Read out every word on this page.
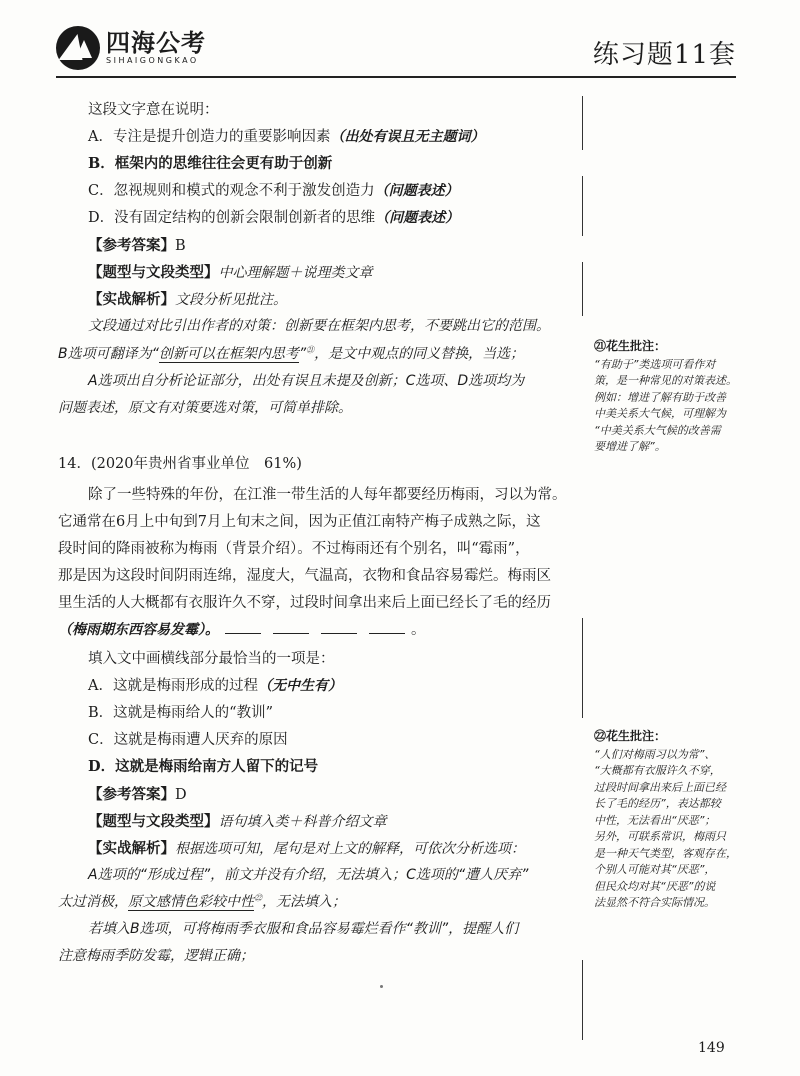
四海公考
SIHAIGONGKAO	练习题11套
这段文字意在说明：
A．专注是提升创造力的重要影响因素（出处有误且无主题词）
B．框架内的思维往往会更有助于创新
C．忽视规则和模式的观念不利于激发创造力（问题表述）
D．没有固定结构的创新会限制创新者的思维（问题表述）
【参考答案】B
【题型与文段类型】中心理解题＋说理类文章
【实战解析】文段分析见批注。
文段通过对比引出作者的对策：创新要在框架内思考，不要跳出它的范围。
B选项可翻译为“创新可以在框架内思考”$^㉑$，是文中观点的同义替换，当选；
A选项出自分析论证部分，出处有误且未提及创新；C选项、D选项均为
问题表述，原文有对策要选对策，可简单排除。
14．(2020年贵州省事业单位　61%)
除了一些特殊的年份，在江淮一带生活的人每年都要经历梅雨，习以为常。
它通常在6月上中旬到7月上旬末之间，因为正值江南特产梅子成熟之际，这
段时间的降雨被称为梅雨（背景介绍）。不过梅雨还有个别名，叫“霉雨”，
那是因为这段时间阴雨连绵，湿度大，气温高，衣物和食品容易霉烂。梅雨区
里生活的人大概都有衣服许久不穿，过段时间拿出来后上面已经长了毛的经历
（梅雨期东西容易发霉）。	。
填入文中画横线部分最恰当的一项是：
A．这就是梅雨形成的过程（无中生有）
B．这就是梅雨给人的“教训”
C．这就是梅雨遭人厌弃的原因
D．这就是梅雨给南方人留下的记号
【参考答案】D
【题型与文段类型】语句填入类＋科普介绍文章
【实战解析】根据选项可知，尾句是对上文的解释，可依次分析选项：
A选项的“形成过程”，前文并没有介绍，无法填入；C选项的“遭人厌弃”
太过消极，原文感情色彩较中性$^㉒$，无法填入；
若填入B选项，可将梅雨季衣服和食品容易霉烂看作“教训”，提醒人们
注意梅雨季防发霉，逻辑正确；
㉑花生批注：
“有助于”类选项可看作对
策，是一种常见的对策表述。
例如：增进了解有助于改善
中美关系大气候，可理解为
“中美关系大气候的改善需
要增进了解”。
㉒花生批注：
“人们对梅雨习以为常”、
“大概都有衣服许久不穿，
过段时间拿出来后上面已经
长了毛的经历”，表达都较
中性，无法看出“厌恶”；
另外，可联系常识，梅雨只
是一种天气类型，客观存在，
个别人可能对其“厌恶”，
但民众均对其“厌恶”的说
法显然不符合实际情况。
149
